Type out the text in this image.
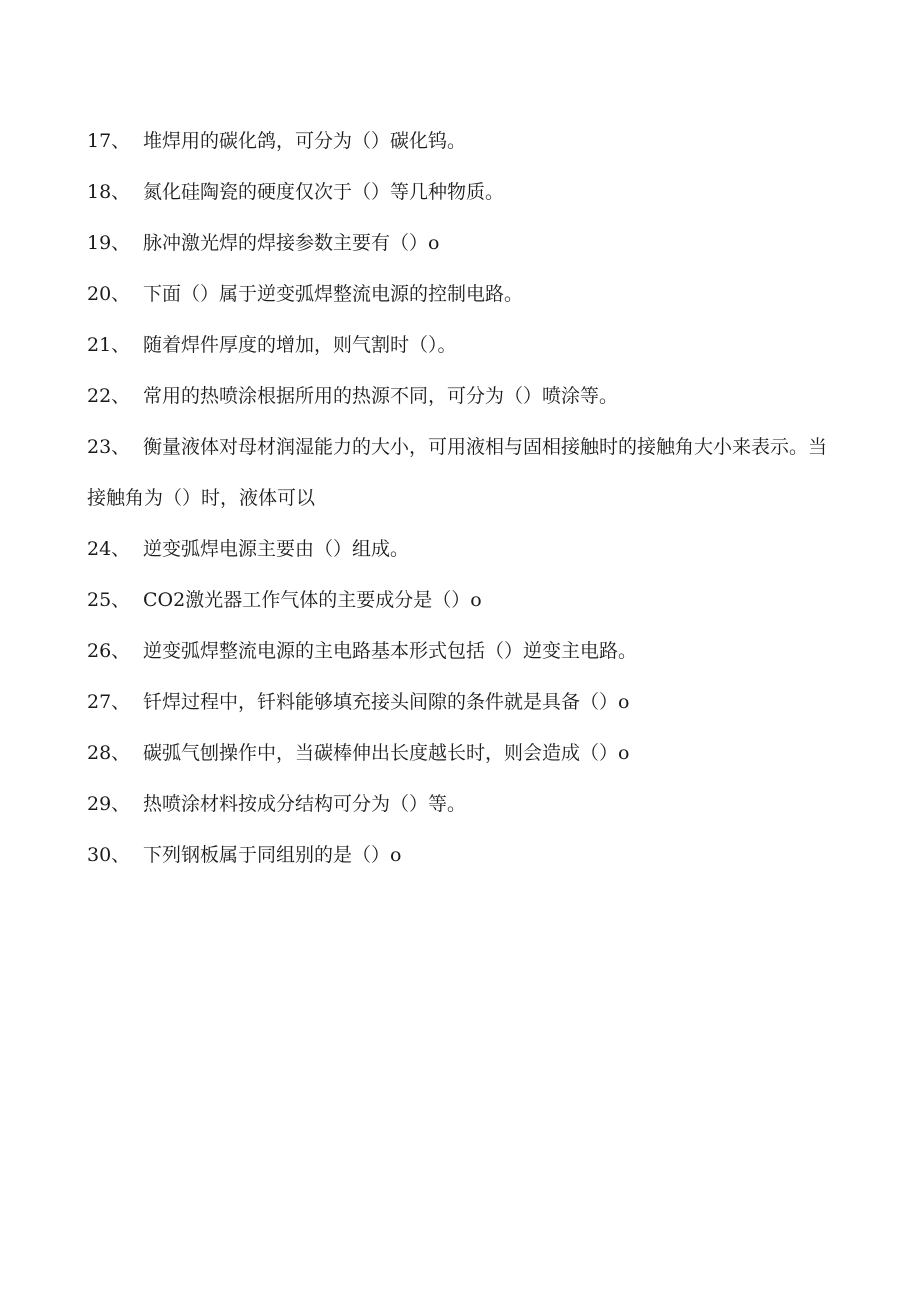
17、 堆焊用的碳化鸽，可分为（）碳化钨。
18、 氮化硅陶瓷的硬度仅次于（）等几种物质。
19、 脉冲激光焊的焊接参数主要有（）o
20、 下面（）属于逆变弧焊整流电源的控制电路。
21、 随着焊件厚度的增加，则气割时（）。
22、 常用的热喷涂根据所用的热源不同，可分为（）喷涂等。
23、 衡量液体对母材润湿能力的大小，可用液相与固相接触时的接触角大小来表示。当接触角为（）时，液体可以
24、 逆变弧焊电源主要由（）组成。
25、 CO2激光器工作气体的主要成分是（）o
26、 逆变弧焊整流电源的主电路基本形式包括（）逆变主电路。
27、 钎焊过程中，钎料能够填充接头间隙的条件就是具备（）o
28、 碳弧气刨操作中，当碳棒伸出长度越长时，则会造成（）o
29、 热喷涂材料按成分结构可分为（）等。
30、 下列钢板属于同组别的是（）o
